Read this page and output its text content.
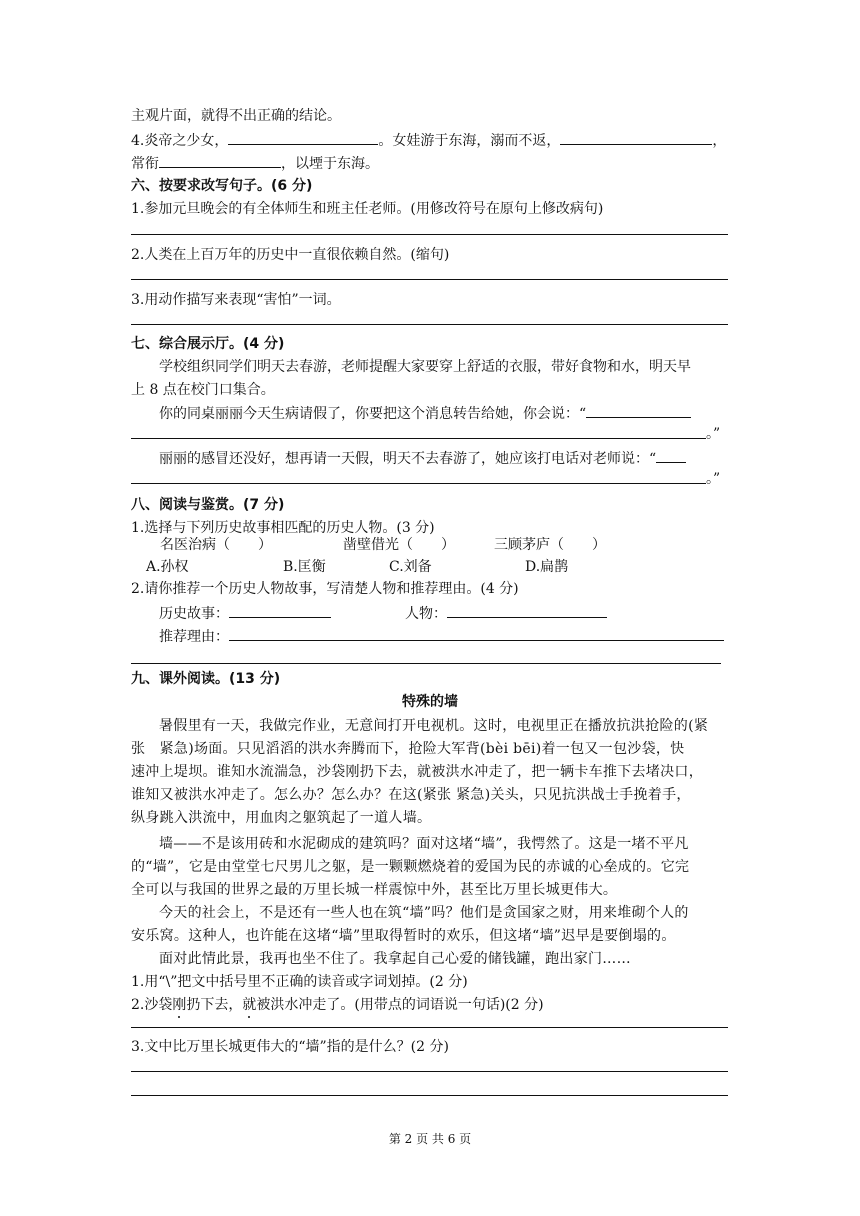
主观片面，就得不出正确的结论。
4.炎帝之少女，	。女娃游于东海，溺而不返，	，
常衔	，以堙于东海。
六、按要求改写句子。(6 分)
1.参加元旦晚会的有全体师生和班主任老师。(用修改符号在原句上修改病句)
2.人类在上百万年的历史中一直很依赖自然。(缩句)
3.用动作描写来表现“害怕”一词。
七、综合展示厅。(4 分)
学校组织同学们明天去春游，老师提醒大家要穿上舒适的衣服，带好食物和水，明天早
上 8 点在校门口集合。
你的同桌丽丽今天生病请假了，你要把这个消息转告给她，你会说：“
。”
丽丽的感冒还没好，想再请一天假，明天不去春游了，她应该打电话对老师说：“
。”
八、阅读与鉴赏。(7 分)
1.选择与下列历史故事相匹配的历史人物。(3 分)
名医治病（　　）	凿壁借光（　　）	三顾茅庐（　　）
A.孙权	B.匡衡	C.刘备	D.扁鹊
2.请你推荐一个历史人物故事，写清楚人物和推荐理由。(4 分)
历史故事：	人物：
推荐理由：
九、课外阅读。(13 分)
特殊的墙
暑假里有一天，我做完作业，无意间打开电视机。这时，电视里正在播放抗洪抢险的(紧
张　紧急)场面。只见滔滔的洪水奔腾而下，抢险大军背(bèi bēi)着一包又一包沙袋，快
速冲上堤坝。谁知水流湍急，沙袋刚扔下去，就被洪水冲走了，把一辆卡车推下去堵决口，
谁知又被洪水冲走了。怎么办？怎么办？在这(紧张 紧急)关头，只见抗洪战士手挽着手，
纵身跳入洪流中，用血肉之躯筑起了一道人墙。
墙——不是该用砖和水泥砌成的建筑吗？面对这堵“墙”，我愕然了。这是一堵不平凡
的“墙”，它是由堂堂七尺男儿之躯，是一颗颗燃烧着的爱国为民的赤诚的心垒成的。它完
全可以与我国的世界之最的万里长城一样震惊中外，甚至比万里长城更伟大。
今天的社会上，不是还有一些人也在筑“墙”吗？他们是贪国家之财，用来堆砌个人的
安乐窝。这种人，也许能在这堵“墙”里取得暂时的欢乐，但这堵“墙”迟早是要倒塌的。
面对此情此景，我再也坐不住了。我拿起自己心爱的储钱罐，跑出家门……
1.用“\”把文中括号里不正确的读音或字词划掉。(2 分)
2.沙袋刚扔下去，就被洪水冲走了。(用带点的词语说一句话)(2 分)
3.文中比万里长城更伟大的“墙”指的是什么？(2 分)
第 2 页 共 6 页
